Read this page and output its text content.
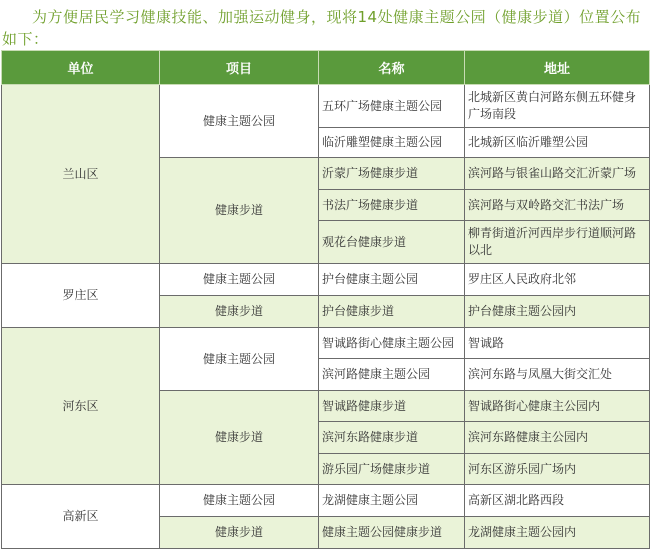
为方便居民学习健康技能、加强运动健身，现将14处健康主题公园（健康步道）位置公布如下：
单位	项目	名称	地址
兰山区	健康主题公园	五环广场健康主题公园	北城新区黄白河路东侧五环健身广场南段
		临沂雕塑健康主题公园	北城新区临沂雕塑公园
	健康步道	沂蒙广场健康步道	滨河路与银雀山路交汇沂蒙广场
		书法广场健康步道	滨河路与双岭路交汇书法广场
		观花台健康步道	柳青街道沂河西岸步行道顺河路以北
罗庄区	健康主题公园	护台健康主题公园	罗庄区人民政府北邻
	健康步道	护台健康步道	护台健康主题公园内
河东区	健康主题公园	智诚路街心健康主题公园	智诚路
		滨河路健康主题公园	滨河东路与凤凰大街交汇处
	健康步道	智诚路健康步道	智诚路街心健康主公园内
		滨河东路健康步道	滨河东路健康主公园内
		游乐园广场健康步道	河东区游乐园广场内
高新区	健康主题公园	龙湖健康主题公园	高新区湖北路西段
	健康步道	健康主题公园健康步道	龙湖健康主题公园内
